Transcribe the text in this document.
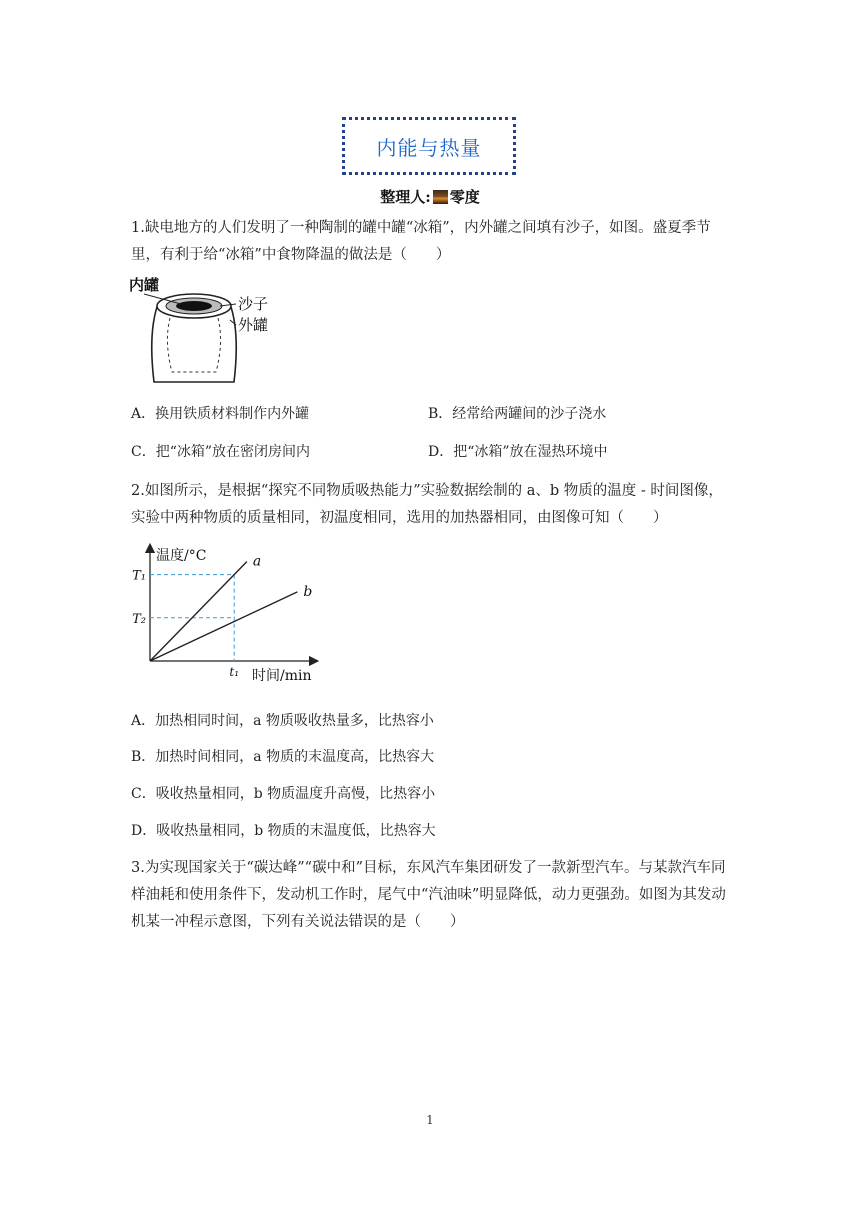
内能与热量
整理人: 零度
1.缺电地方的人们发明了一种陶制的罐中罐“冰箱”，内外罐之间填有沙子，如图。盛夏季节里，有利于给“冰箱”中食物降温的做法是（　　）
内罐
沙子
外罐
A．换用铁质材料制作内外罐	B．经常给两罐间的沙子浇水
C．把“冰箱”放在密闭房间内	D．把“冰箱”放在湿热环境中
2.如图所示，是根据“探究不同物质吸热能力”实验数据绘制的 a、b 物质的温度 - 时间图像，实验中两种物质的质量相同，初温度相同，选用的加热器相同，由图像可知（　　）
温度/°C
时间/min
T₁
T₂
t₁
a
b
A．加热相同时间，a 物质吸收热量多，比热容小
B．加热时间相同，a 物质的末温度高，比热容大
C．吸收热量相同，b 物质温度升高慢，比热容小
D．吸收热量相同，b 物质的末温度低，比热容大
3.为实现国家关于“碳达峰”“碳中和”目标，东风汽车集团研发了一款新型汽车。与某款汽车同样油耗和使用条件下，发动机工作时，尾气中“汽油味”明显降低，动力更强劲。如图为其发动机某一冲程示意图，下列有关说法错误的是（　　）
1
